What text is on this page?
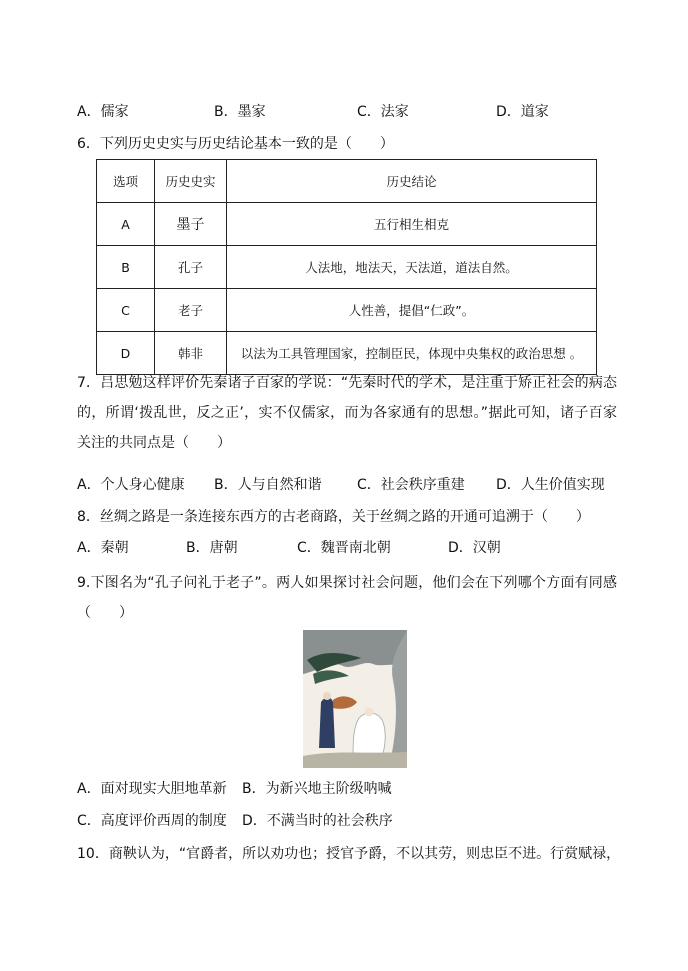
A．儒家	B．墨家	C．法家	D．道家
6．下列历史史实与历史结论基本一致的是（　　）
选项	历史史实	历史结论
A	墨子	五行相生相克
B	孔子	人法地，地法天，天法道，道法自然。
C	老子	人性善，提倡“仁政”。
D	韩非	以法为工具管理国家，控制臣民，体现中央集权的政治思想 。
7．吕思勉这样评价先秦诸子百家的学说：“先秦时代的学术，是注重于矫正社会的病态的，所谓‘拨乱世，反之正’，实不仅儒家，而为各家通有的思想。”据此可知，诸子百家关注的共同点是（　　）
A．个人身心健康 B．人与自然和谐	C．社会秩序重建 D．人生价值实现
8．丝绸之路是一条连接东西方的古老商路，关于丝绸之路的开通可追溯于（　　）
A．秦朝	B．唐朝	C．魏晋南北朝	D．汉朝
9.下图名为“孔子问礼于老子”。两人如果探讨社会问题，他们会在下列哪个方面有同感（　　）
A．面对现实大胆地革新 B．为新兴地主阶级呐喊
C．高度评价西周的制度 D．不满当时的社会秩序
10．商鞅认为，“官爵者，所以劝功也；授官予爵，不以其劳，则忠臣不进。行赏赋禄，
